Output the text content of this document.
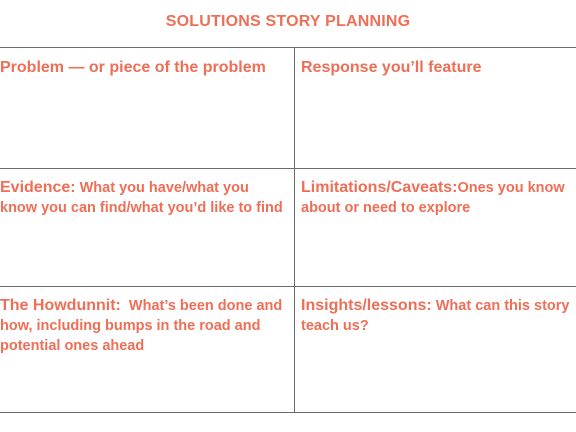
SOLUTIONS STORY PLANNING
Problem — or piece of the problem	Response you’ll feature
Evidence: What you have/what you know you can find/what you’d like to find
Limitations/Caveats:Ones you know about or need to explore
The Howdunnit:  What’s been done and how, including bumps in the road and potential ones ahead
Insights/lessons: What can this story teach us?
